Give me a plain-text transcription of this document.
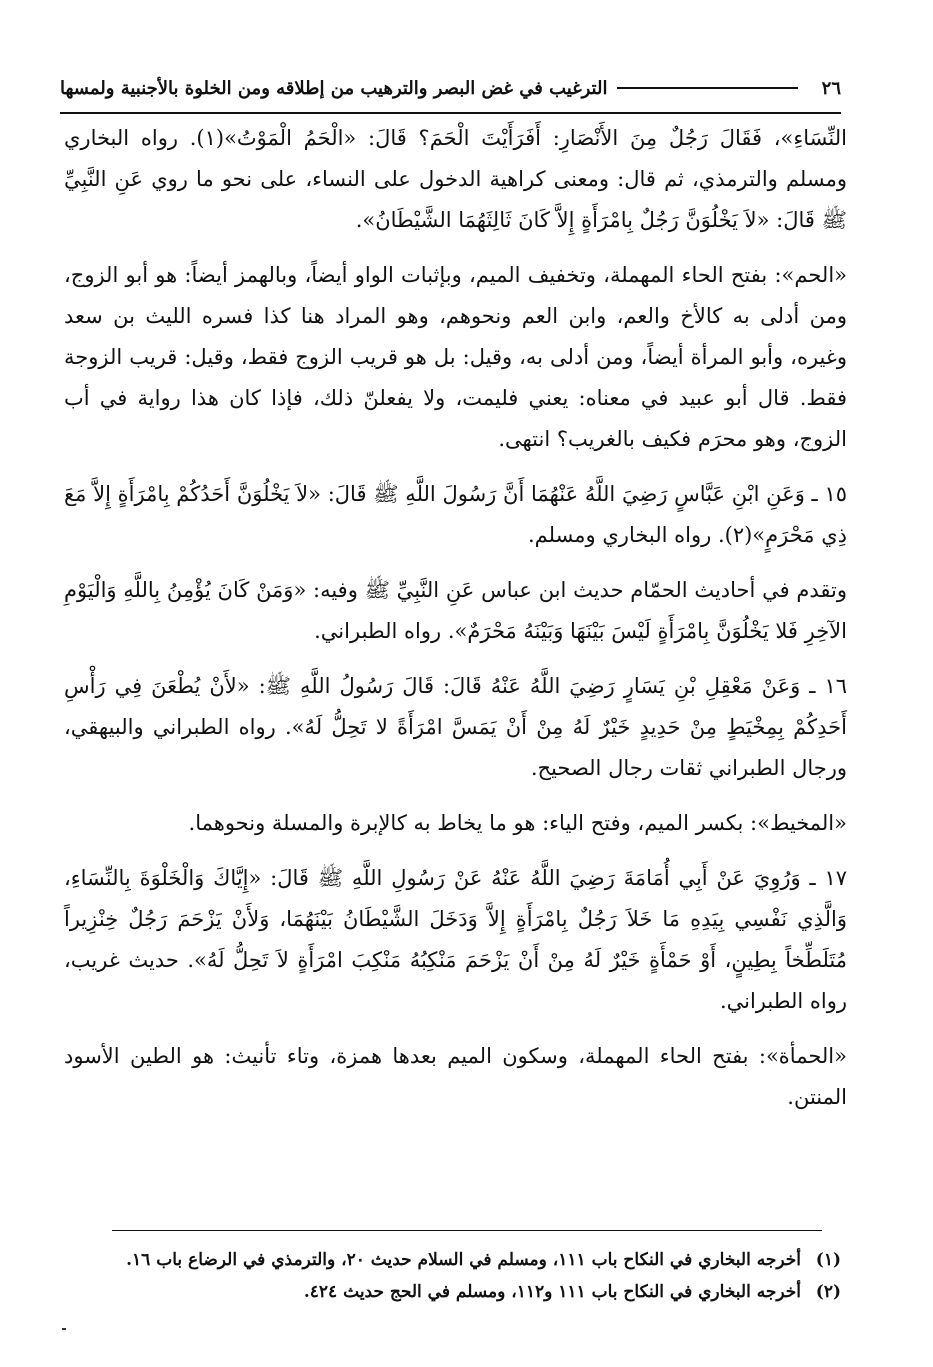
٢٦
الترغيب في غض البصر والترهيب من إطلاقه ومن الخلوة بالأجنبية ولمسها

النِّسَاءِ»، فَقَالَ رَجُلٌ مِنَ الأَنْصَارِ: أَفَرَأَيْتَ الْحَمَ؟ قَالَ: «الْحَمُ الْمَوْتُ»(١). رواه البخاري ومسلم والترمذي، ثم قال: ومعنى كراهية الدخول على النساء، على نحو ما روي عَنِ النَّبِيِّ ﷺ قَالَ: «لاَ يَخْلُوَنَّ رَجُلٌ بِامْرَأَةٍ إِلاَّ كَانَ ثَالِثَهُمَا الشَّيْطَانُ».

«الحم»: بفتح الحاء المهملة، وتخفيف الميم، وبإثبات الواو أيضاً، وبالهمز أيضاً: هو أبو الزوج، ومن أدلى به كالأخ والعم، وابن العم ونحوهم، وهو المراد هنا كذا فسره الليث بن سعد وغيره، وأبو المرأة أيضاً، ومن أدلى به، وقيل: بل هو قريب الزوج فقط، وقيل: قريب الزوجة فقط. قال أبو عبيد في معناه: يعني فليمت، ولا يفعلنّ ذلك، فإذا كان هذا رواية في أب الزوج، وهو محرَم فكيف بالغريب؟ انتهى.

١٥ ـ وَعَنِ ابْنِ عَبَّاسٍ رَضِيَ اللَّهُ عَنْهُمَا أَنَّ رَسُولَ اللَّهِ ﷺ قَالَ: «لاَ يَخْلُوَنَّ أَحَدُكُمْ بِامْرَأَةٍ إِلاَّ مَعَ ذِي مَحْرَمٍ»(٢). رواه البخاري ومسلم.

وتقدم في أحاديث الحمّام حديث ابن عباس عَنِ النَّبِيِّ ﷺ وفيه: «وَمَنْ كَانَ يُؤْمِنُ بِاللَّهِ وَالْيَوْمِ الآخِرِ فَلا يَخْلُوَنَّ بِامْرَأَةٍ لَيْسَ بَيْنَهَا وَبَيْنَهُ مَحْرَمٌ». رواه الطبراني.

١٦ ـ وَعَنْ مَعْقِلِ بْنِ يَسَارٍ رَضِيَ اللَّهُ عَنْهُ قَالَ: قَالَ رَسُولُ اللَّهِ ﷺ: «لأَنْ يُطْعَنَ فِي رَأْسِ أَحَدِكُمْ بِمِخْيَطٍ مِنْ حَدِيدٍ خَيْرٌ لَهُ مِنْ أَنْ يَمَسَّ امْرَأَةً لا تَحِلُّ لَهُ». رواه الطبراني والبيهقي، ورجال الطبراني ثقات رجال الصحيح.

«المخيط»: بكسر الميم، وفتح الياء: هو ما يخاط به كالإبرة والمسلة ونحوهما.

١٧ ـ وَرُوِيَ عَنْ أَبِي أُمَامَةَ رَضِيَ اللَّهُ عَنْهُ عَنْ رَسُولِ اللَّهِ ﷺ قَالَ: «إِيَّاكَ وَالْخَلْوَةَ بِالنِّسَاءِ، وَالَّذِي نَفْسِي بِيَدِهِ مَا خَلاَ رَجُلٌ بِامْرَأَةٍ إِلاَّ وَدَخَلَ الشَّيْطَانُ بَيْنَهُمَا، وَلأَنْ يَزْحَمَ رَجُلٌ خِنْزِيراً مُتَلَطِّخاً بِطِينٍ، أَوْ حَمْأَةٍ خَيْرٌ لَهُ مِنْ أَنْ يَزْحَمَ مَنْكِبُهُ مَنْكِبَ امْرَأَةٍ لاَ تَحِلُّ لَهُ». حديث غريب، رواه الطبراني.

«الحمأة»: بفتح الحاء المهملة، وسكون الميم بعدها همزة، وتاء تأنيث: هو الطين الأسود المنتن.

(١)
أخرجه البخاري في النكاح باب ١١١، ومسلم في السلام حديث ٢٠، والترمذي في الرضاع باب ١٦.
(٢)
أخرجه البخاري في النكاح باب ١١١ و١١٢، ومسلم في الحج حديث ٤٢٤.
